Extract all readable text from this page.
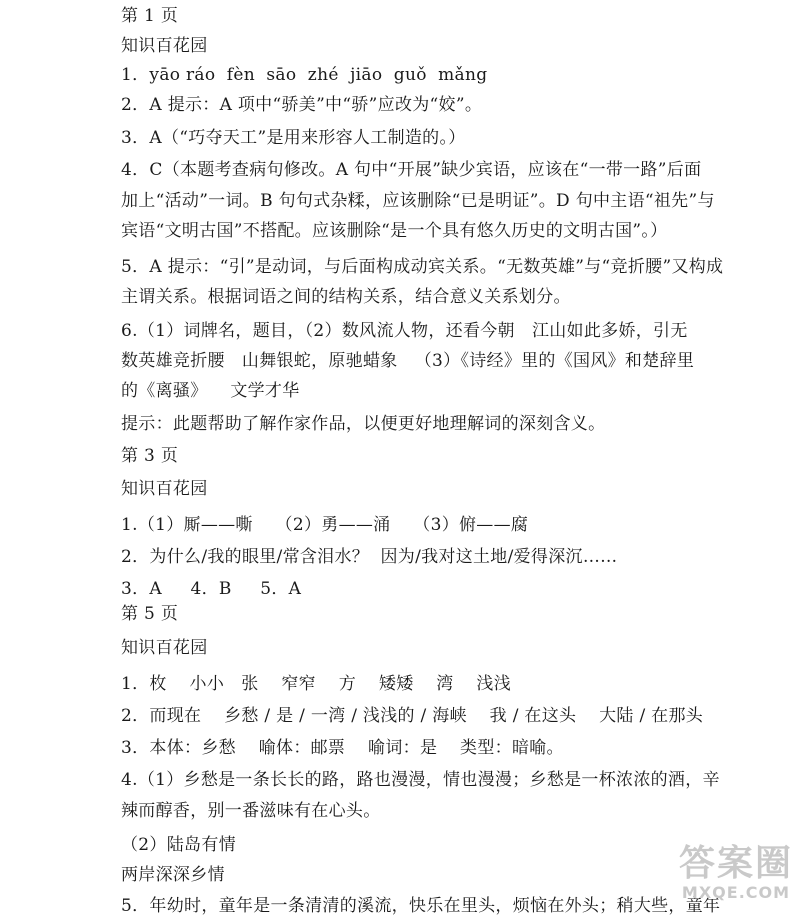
第 1 页
知识百花园
1．yāo ráo  fèn  sāo  zhé  jiāo  guǒ  mǎng
2．A 提示：A 项中“骄美”中“骄”应改为“姣”。
3．A（“巧夺天工”是用来形容人工制造的。）
4．C（本题考查病句修改。A 句中“开展”缺少宾语，应该在“一带一路”后面
加上“活动”一词。B 句句式杂糅，应该删除“已是明证”。D 句中主语“祖先”与
宾语“文明古国”不搭配。应该删除“是一个具有悠久历史的文明古国”。）
5．A 提示：“引”是动词，与后面构成动宾关系。“无数英雄”与“竞折腰”又构成
主谓关系。根据词语之间的结构关系，结合意义关系划分。
6.（1）词牌名，题目，（2）数风流人物，还看今朝   江山如此多娇，引无
数英雄竞折腰   山舞银蛇，原驰蜡象   （3）《诗经》里的《国风》和楚辞里
的《离骚》    文学才华
提示：此题帮助了解作家作品，以便更好地理解词的深刻含义。
第 3 页
知识百花园
1.（1）厮——嘶    （2）勇——涌    （3）俯——腐
2．为什么/我的眼里/常含泪水？  因为/我对这土地/爱得深沉……
3．A     4．B     5．A
第 5 页
知识百花园
1．枚    小小   张    窄窄    方    矮矮    湾    浅浅
2．而现在    乡愁 / 是 / 一湾 / 浅浅的 / 海峡    我 / 在这头    大陆 / 在那头
3．本体：乡愁    喻体：邮票    喻词：是    类型：暗喻。
4.（1）乡愁是一条长长的路，路也漫漫，情也漫漫；乡愁是一杯浓浓的酒，辛
辣而醇香，别一番滋味有在心头。
（2）陆岛有情
两岸深深乡情
5．年幼时，童年是一条清清的溪流，快乐在里头，烦恼在外头；稍大些，童年
答案圈
MXQE.COM
